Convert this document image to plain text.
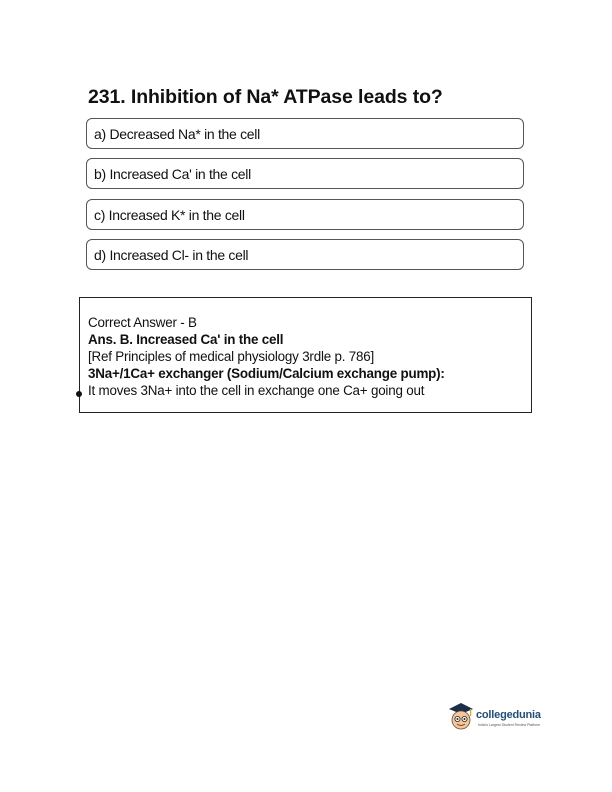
231. Inhibition of Na* ATPase leads to?
a) Decreased Na* in the cell
b) Increased Ca' in the cell
c) Increased K* in the cell
d) Increased Cl- in the cell
Correct Answer - B
Ans. B. Increased Ca' in the cell
[Ref Principles of medical physiology 3rdle p. 786]
3Na+/1Ca+ exchanger (Sodium/Calcium exchange pump):
It moves 3Na+ into the cell in exchange one Ca+ going out
collegedunia
India's Largest Student Review Platform
